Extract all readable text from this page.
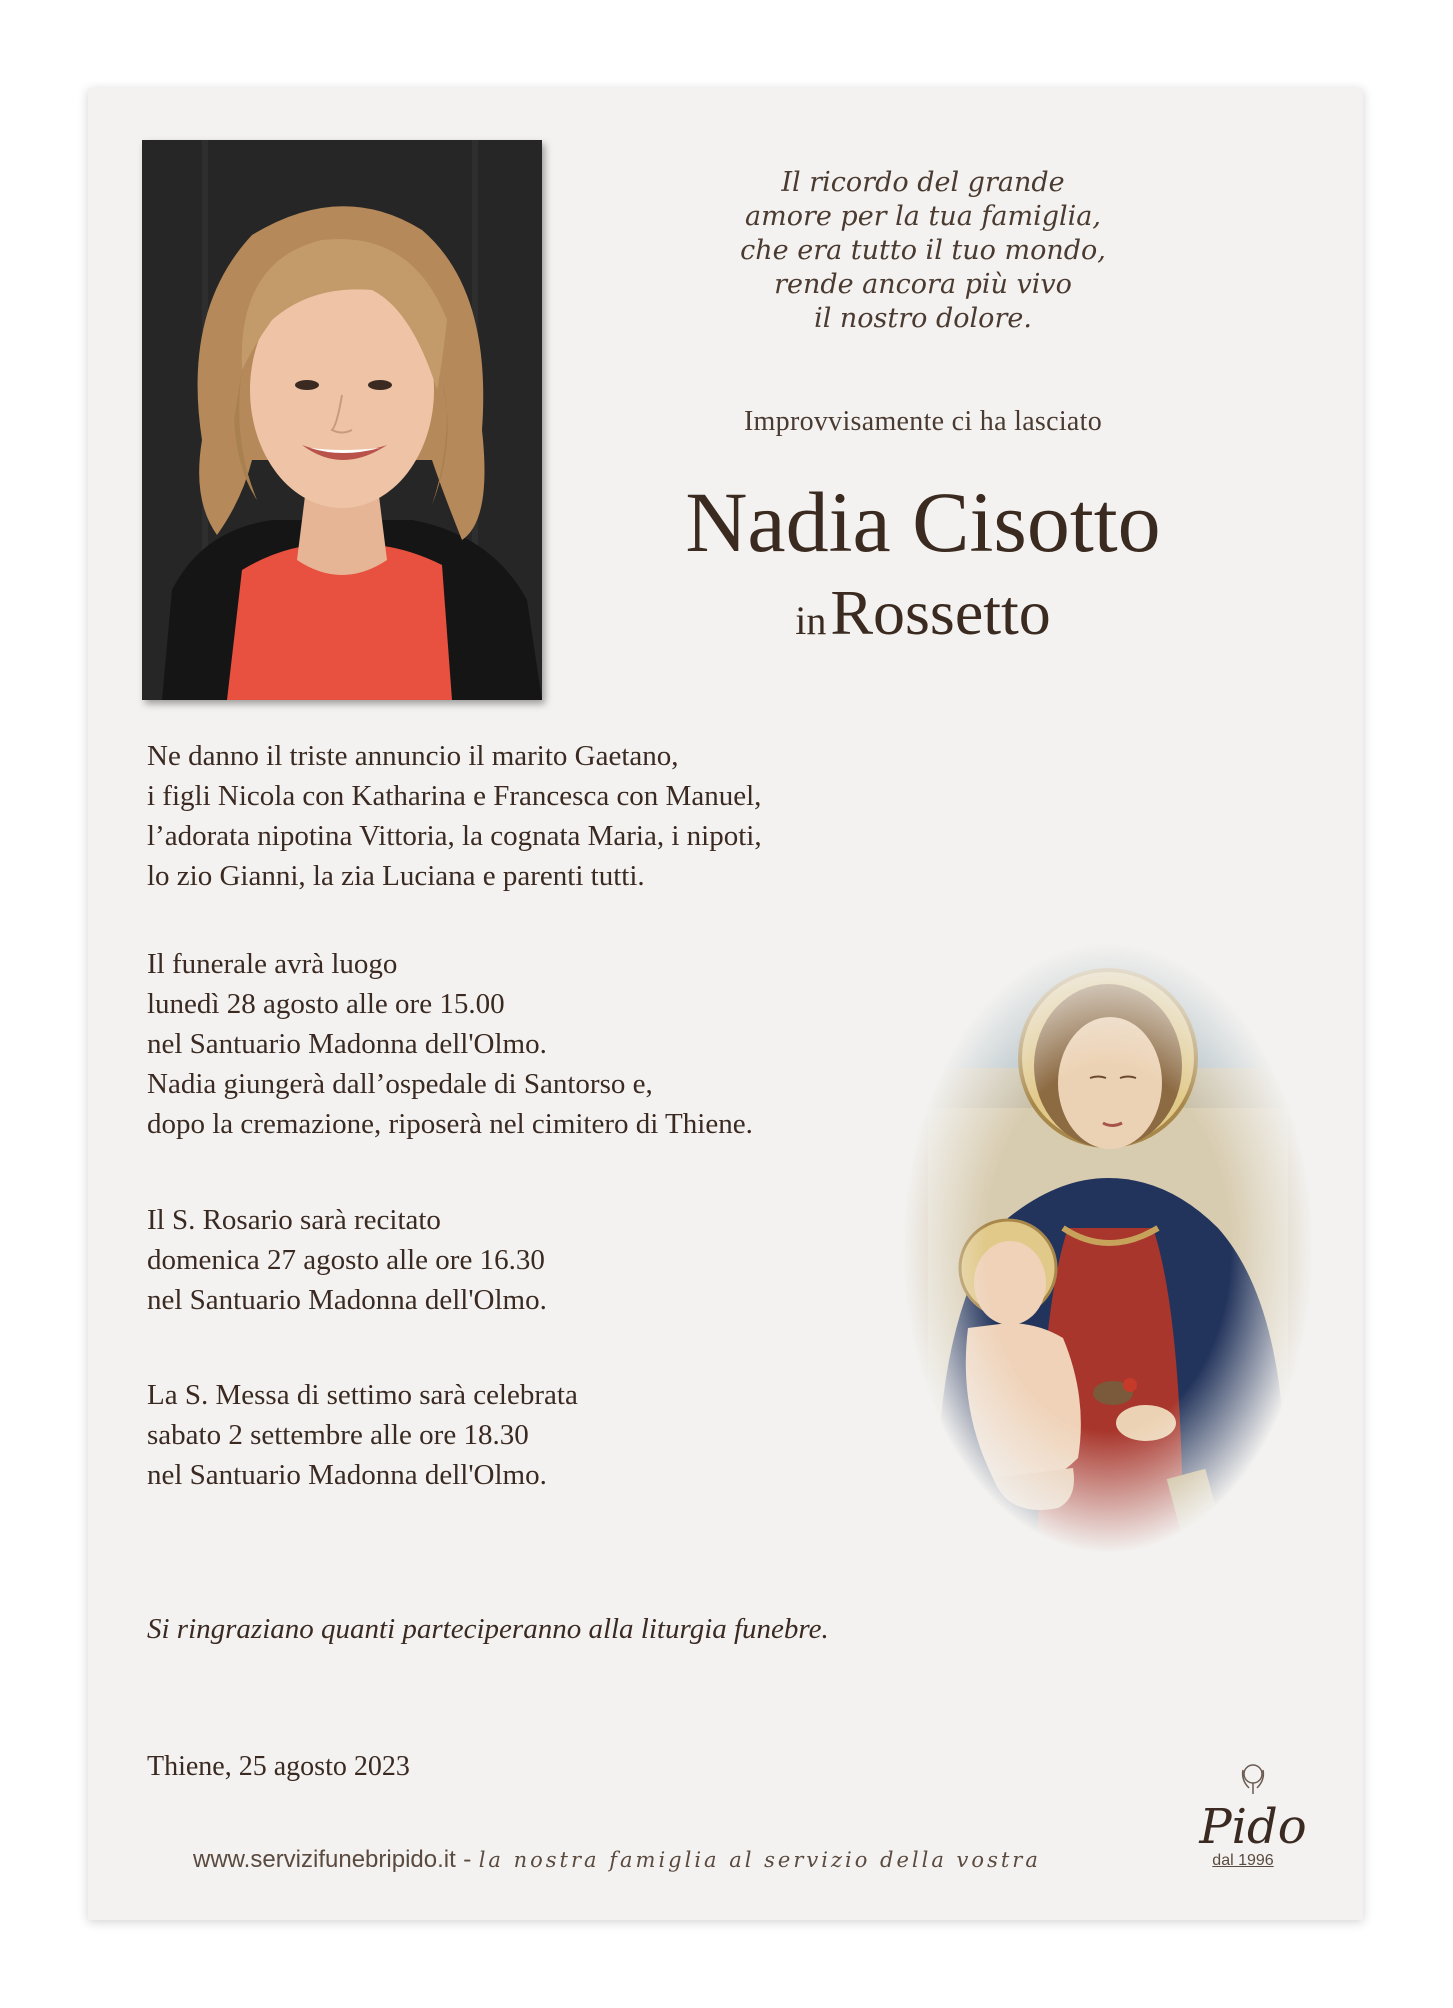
Il ricordo del grande
amore per la tua famiglia,
che era tutto il tuo mondo,
rende ancora più vivo
il nostro dolore.
Improvvisamente ci ha lasciato
Nadia Cisotto
in Rossetto
Ne danno il triste annuncio il marito Gaetano,
i figli Nicola con Katharina e Francesca con Manuel,
l’adorata nipotina Vittoria, la cognata Maria, i nipoti,
lo zio Gianni, la zia Luciana e parenti tutti.
Il funerale avrà luogo
lunedì 28 agosto alle ore 15.00
nel Santuario Madonna dell'Olmo.
Nadia giungerà dall’ospedale di Santorso e,
dopo la cremazione, riposerà nel cimitero di Thiene.
Il S. Rosario sarà recitato
domenica 27 agosto alle ore 16.30
nel Santuario Madonna dell'Olmo.
La S. Messa di settimo sarà celebrata
sabato 2 settembre alle ore 18.30
nel Santuario Madonna dell'Olmo.
Si ringraziano quanti parteciperanno alla liturgia funebre.
Thiene, 25 agosto 2023
www.servizifunebripido.it - la nostra famiglia al servizio della vostra
Pido
dal 1996
